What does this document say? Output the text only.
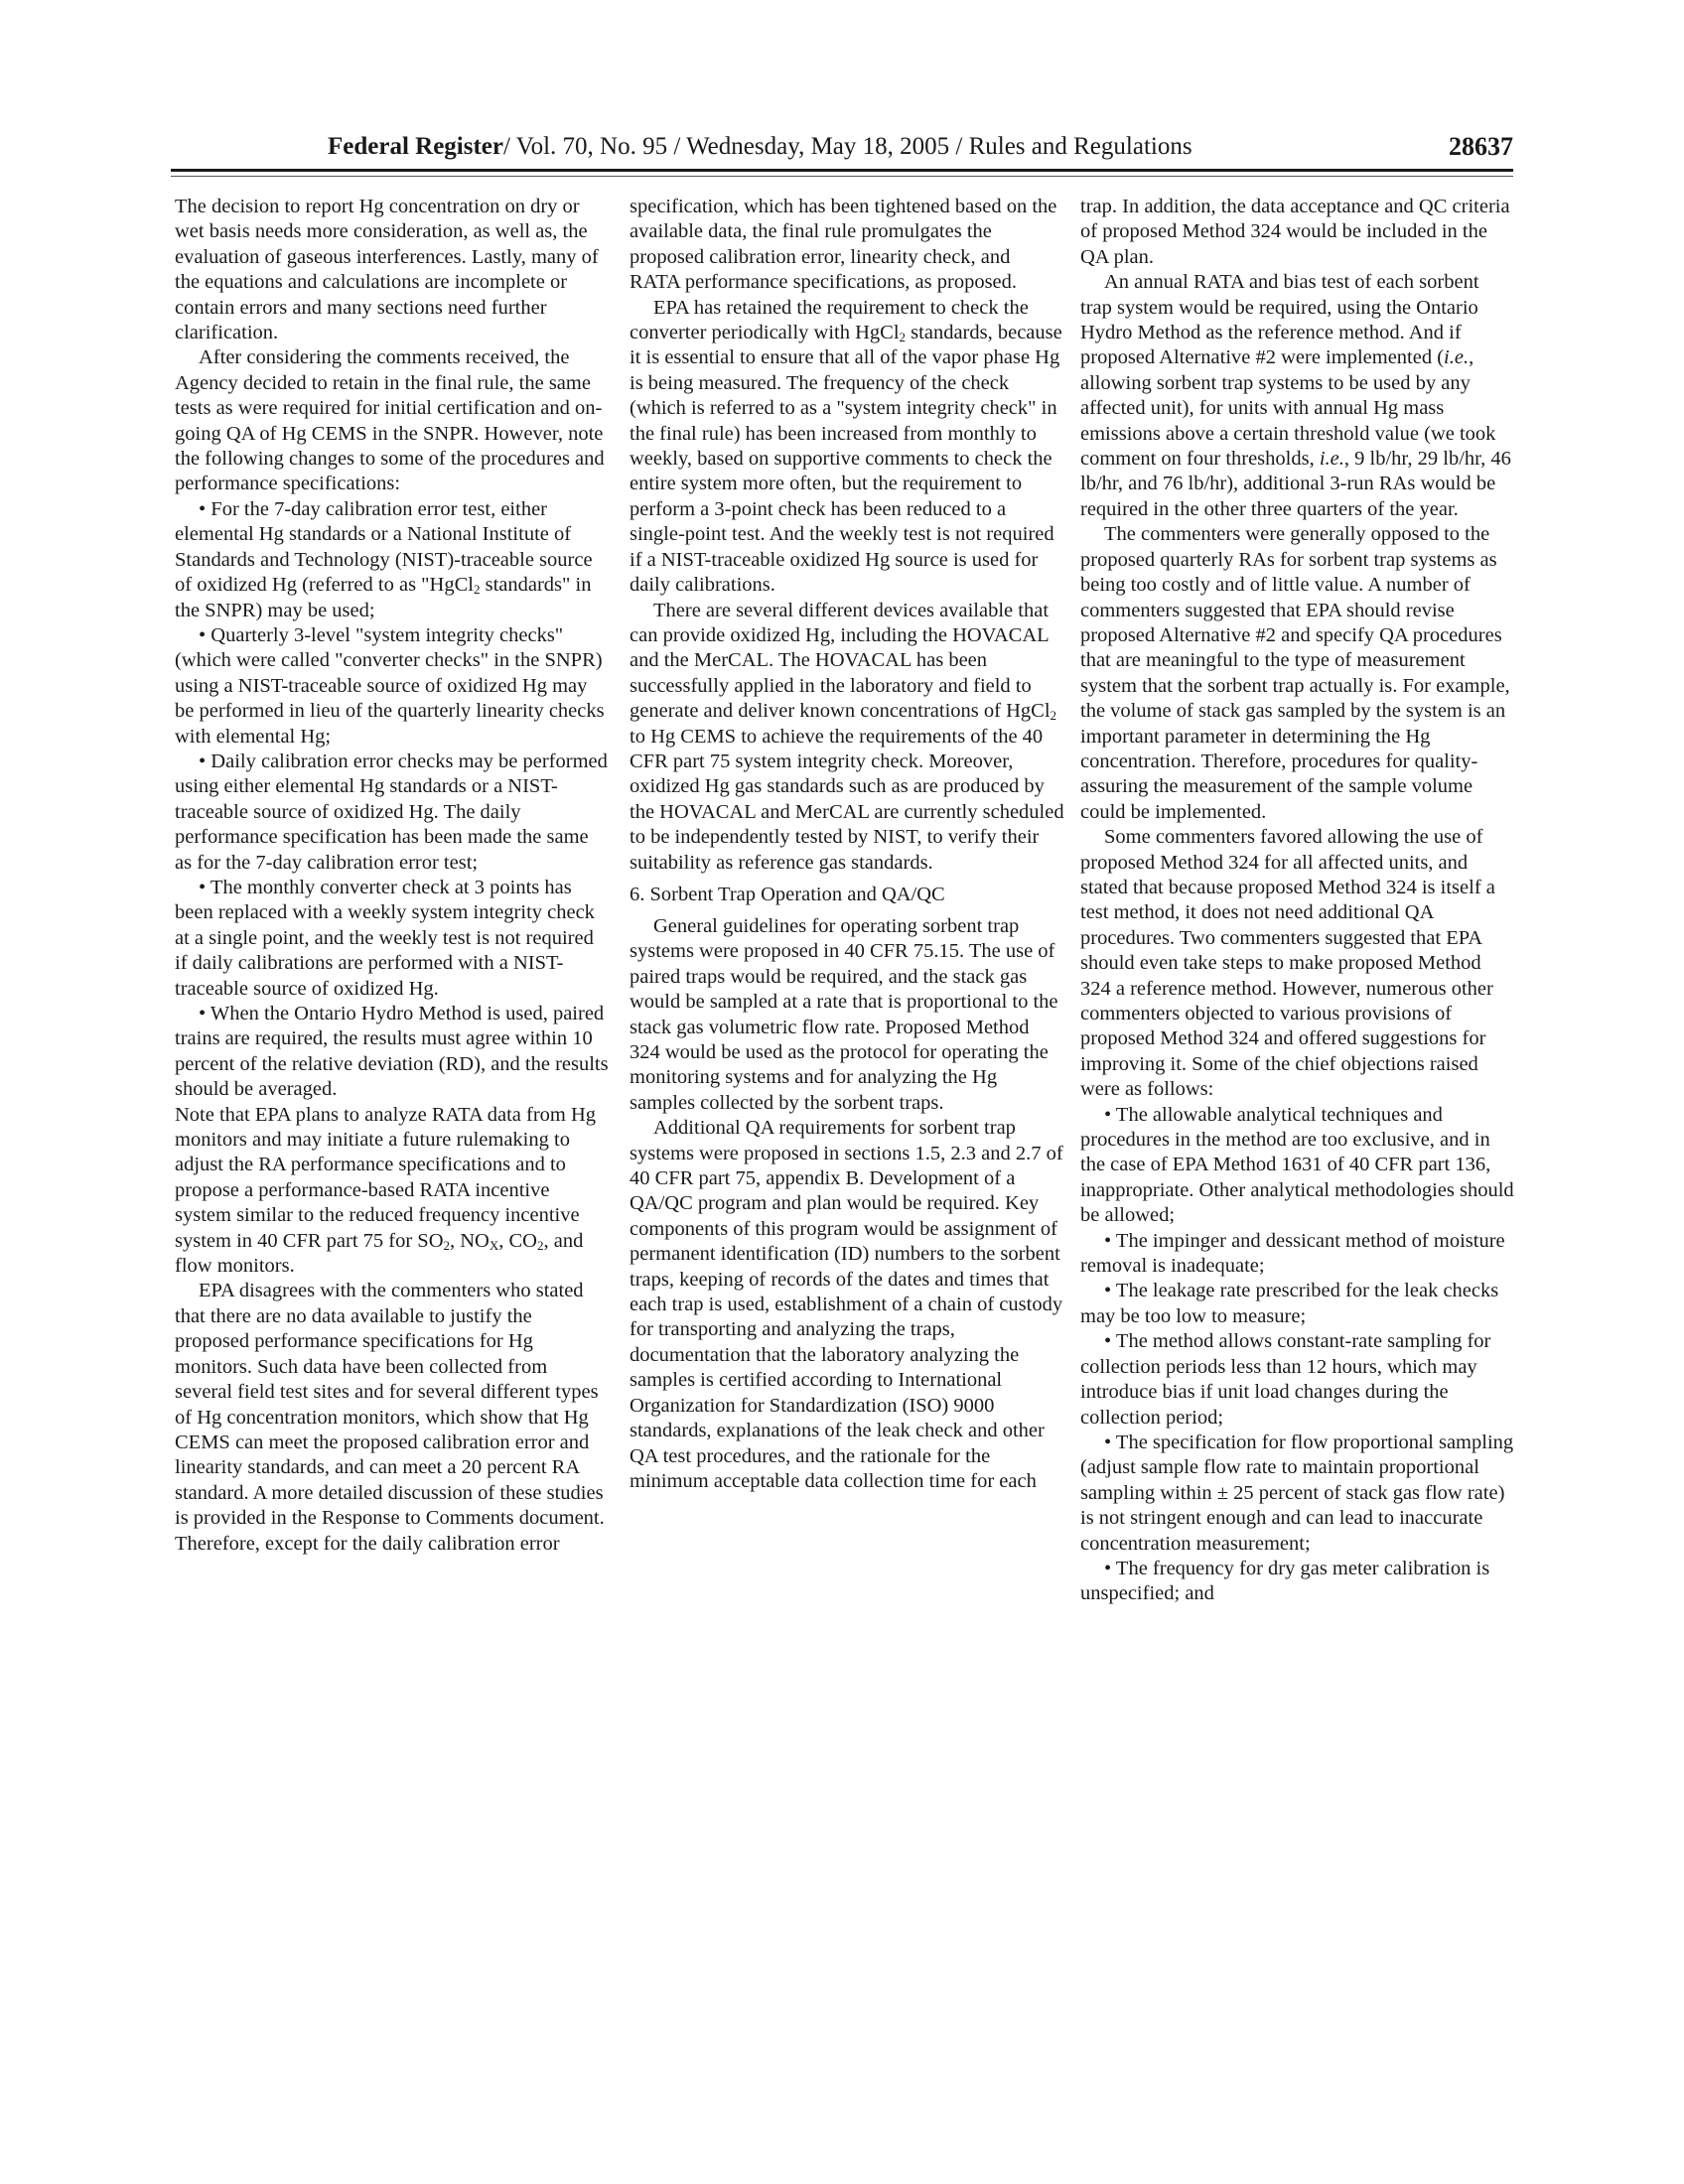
Federal Register/ Vol. 70, No. 95 / Wednesday, May 18, 2005 / Rules and Regulations	28637

The decision to report Hg concentration on dry or wet basis needs more consideration, as well as, the evaluation of gaseous interferences. Lastly, many of the equations and calculations are incomplete or contain errors and many sections need further clarification.

After considering the comments received, the Agency decided to retain in the final rule, the same tests as were required for initial certification and on-going QA of Hg CEMS in the SNPR. However, note the following changes to some of the procedures and performance specifications:

• For the 7-day calibration error test, either elemental Hg standards or a National Institute of Standards and Technology (NIST)-traceable source of oxidized Hg (referred to as "HgCl$_2$ standards" in the SNPR) may be used;

• Quarterly 3-level "system integrity checks" (which were called "converter checks" in the SNPR) using a NIST-traceable source of oxidized Hg may be performed in lieu of the quarterly linearity checks with elemental Hg;

• Daily calibration error checks may be performed using either elemental Hg standards or a NIST-traceable source of oxidized Hg. The daily performance specification has been made the same as for the 7-day calibration error test;

• The monthly converter check at 3 points has been replaced with a weekly system integrity check at a single point, and the weekly test is not required if daily calibrations are performed with a NIST-traceable source of oxidized Hg.

• When the Ontario Hydro Method is used, paired trains are required, the results must agree within 10 percent of the relative deviation (RD), and the results should be averaged.

Note that EPA plans to analyze RATA data from Hg monitors and may initiate a future rulemaking to adjust the RA performance specifications and to propose a performance-based RATA incentive system similar to the reduced frequency incentive system in 40 CFR part 75 for $SO_2$, $NO_X$, $CO_2$, and flow monitors.

EPA disagrees with the commenters who stated that there are no data available to justify the proposed performance specifications for Hg monitors. Such data have been collected from several field test sites and for several different types of Hg concentration monitors, which show that Hg CEMS can meet the proposed calibration error and linearity standards, and can meet a 20 percent RA standard. A more detailed discussion of these studies is provided in the Response to Comments document. Therefore, except for the daily calibration error

specification, which has been tightened based on the available data, the final rule promulgates the proposed calibration error, linearity check, and RATA performance specifications, as proposed.

EPA has retained the requirement to check the converter periodically with HgCl$_2$ standards, because it is essential to ensure that all of the vapor phase Hg is being measured. The frequency of the check (which is referred to as a "system integrity check" in the final rule) has been increased from monthly to weekly, based on supportive comments to check the entire system more often, but the requirement to perform a 3-point check has been reduced to a single-point test. And the weekly test is not required if a NIST-traceable oxidized Hg source is used for daily calibrations.

There are several different devices available that can provide oxidized Hg, including the HOVACAL and the MerCAL. The HOVACAL has been successfully applied in the laboratory and field to generate and deliver known concentrations of HgCl$_2$ to Hg CEMS to achieve the requirements of the 40 CFR part 75 system integrity check. Moreover, oxidized Hg gas standards such as are produced by the HOVACAL and MerCAL are currently scheduled to be independently tested by NIST, to verify their suitability as reference gas standards.

6. Sorbent Trap Operation and QA/QC

General guidelines for operating sorbent trap systems were proposed in 40 CFR 75.15. The use of paired traps would be required, and the stack gas would be sampled at a rate that is proportional to the stack gas volumetric flow rate. Proposed Method 324 would be used as the protocol for operating the monitoring systems and for analyzing the Hg samples collected by the sorbent traps.

Additional QA requirements for sorbent trap systems were proposed in sections 1.5, 2.3 and 2.7 of 40 CFR part 75, appendix B. Development of a QA/QC program and plan would be required. Key components of this program would be assignment of permanent identification (ID) numbers to the sorbent traps, keeping of records of the dates and times that each trap is used, establishment of a chain of custody for transporting and analyzing the traps, documentation that the laboratory analyzing the samples is certified according to International Organization for Standardization (ISO) 9000 standards, explanations of the leak check and other QA test procedures, and the rationale for the minimum acceptable data collection time for each

trap. In addition, the data acceptance and QC criteria of proposed Method 324 would be included in the QA plan.

An annual RATA and bias test of each sorbent trap system would be required, using the Ontario Hydro Method as the reference method. And if proposed Alternative #2 were implemented (i.e., allowing sorbent trap systems to be used by any affected unit), for units with annual Hg mass emissions above a certain threshold value (we took comment on four thresholds, i.e., 9 lb/hr, 29 lb/hr, 46 lb/hr, and 76 lb/hr), additional 3-run RAs would be required in the other three quarters of the year.

The commenters were generally opposed to the proposed quarterly RAs for sorbent trap systems as being too costly and of little value. A number of commenters suggested that EPA should revise proposed Alternative #2 and specify QA procedures that are meaningful to the type of measurement system that the sorbent trap actually is. For example, the volume of stack gas sampled by the system is an important parameter in determining the Hg concentration. Therefore, procedures for quality-assuring the measurement of the sample volume could be implemented.

Some commenters favored allowing the use of proposed Method 324 for all affected units, and stated that because proposed Method 324 is itself a test method, it does not need additional QA procedures. Two commenters suggested that EPA should even take steps to make proposed Method 324 a reference method. However, numerous other commenters objected to various provisions of proposed Method 324 and offered suggestions for improving it. Some of the chief objections raised were as follows:

• The allowable analytical techniques and procedures in the method are too exclusive, and in the case of EPA Method 1631 of 40 CFR part 136, inappropriate. Other analytical methodologies should be allowed;

• The impinger and dessicant method of moisture removal is inadequate;

• The leakage rate prescribed for the leak checks may be too low to measure;

• The method allows constant-rate sampling for collection periods less than 12 hours, which may introduce bias if unit load changes during the collection period;

• The specification for flow proportional sampling (adjust sample flow rate to maintain proportional sampling within ± 25 percent of stack gas flow rate) is not stringent enough and can lead to inaccurate concentration measurement;

• The frequency for dry gas meter calibration is unspecified; and
